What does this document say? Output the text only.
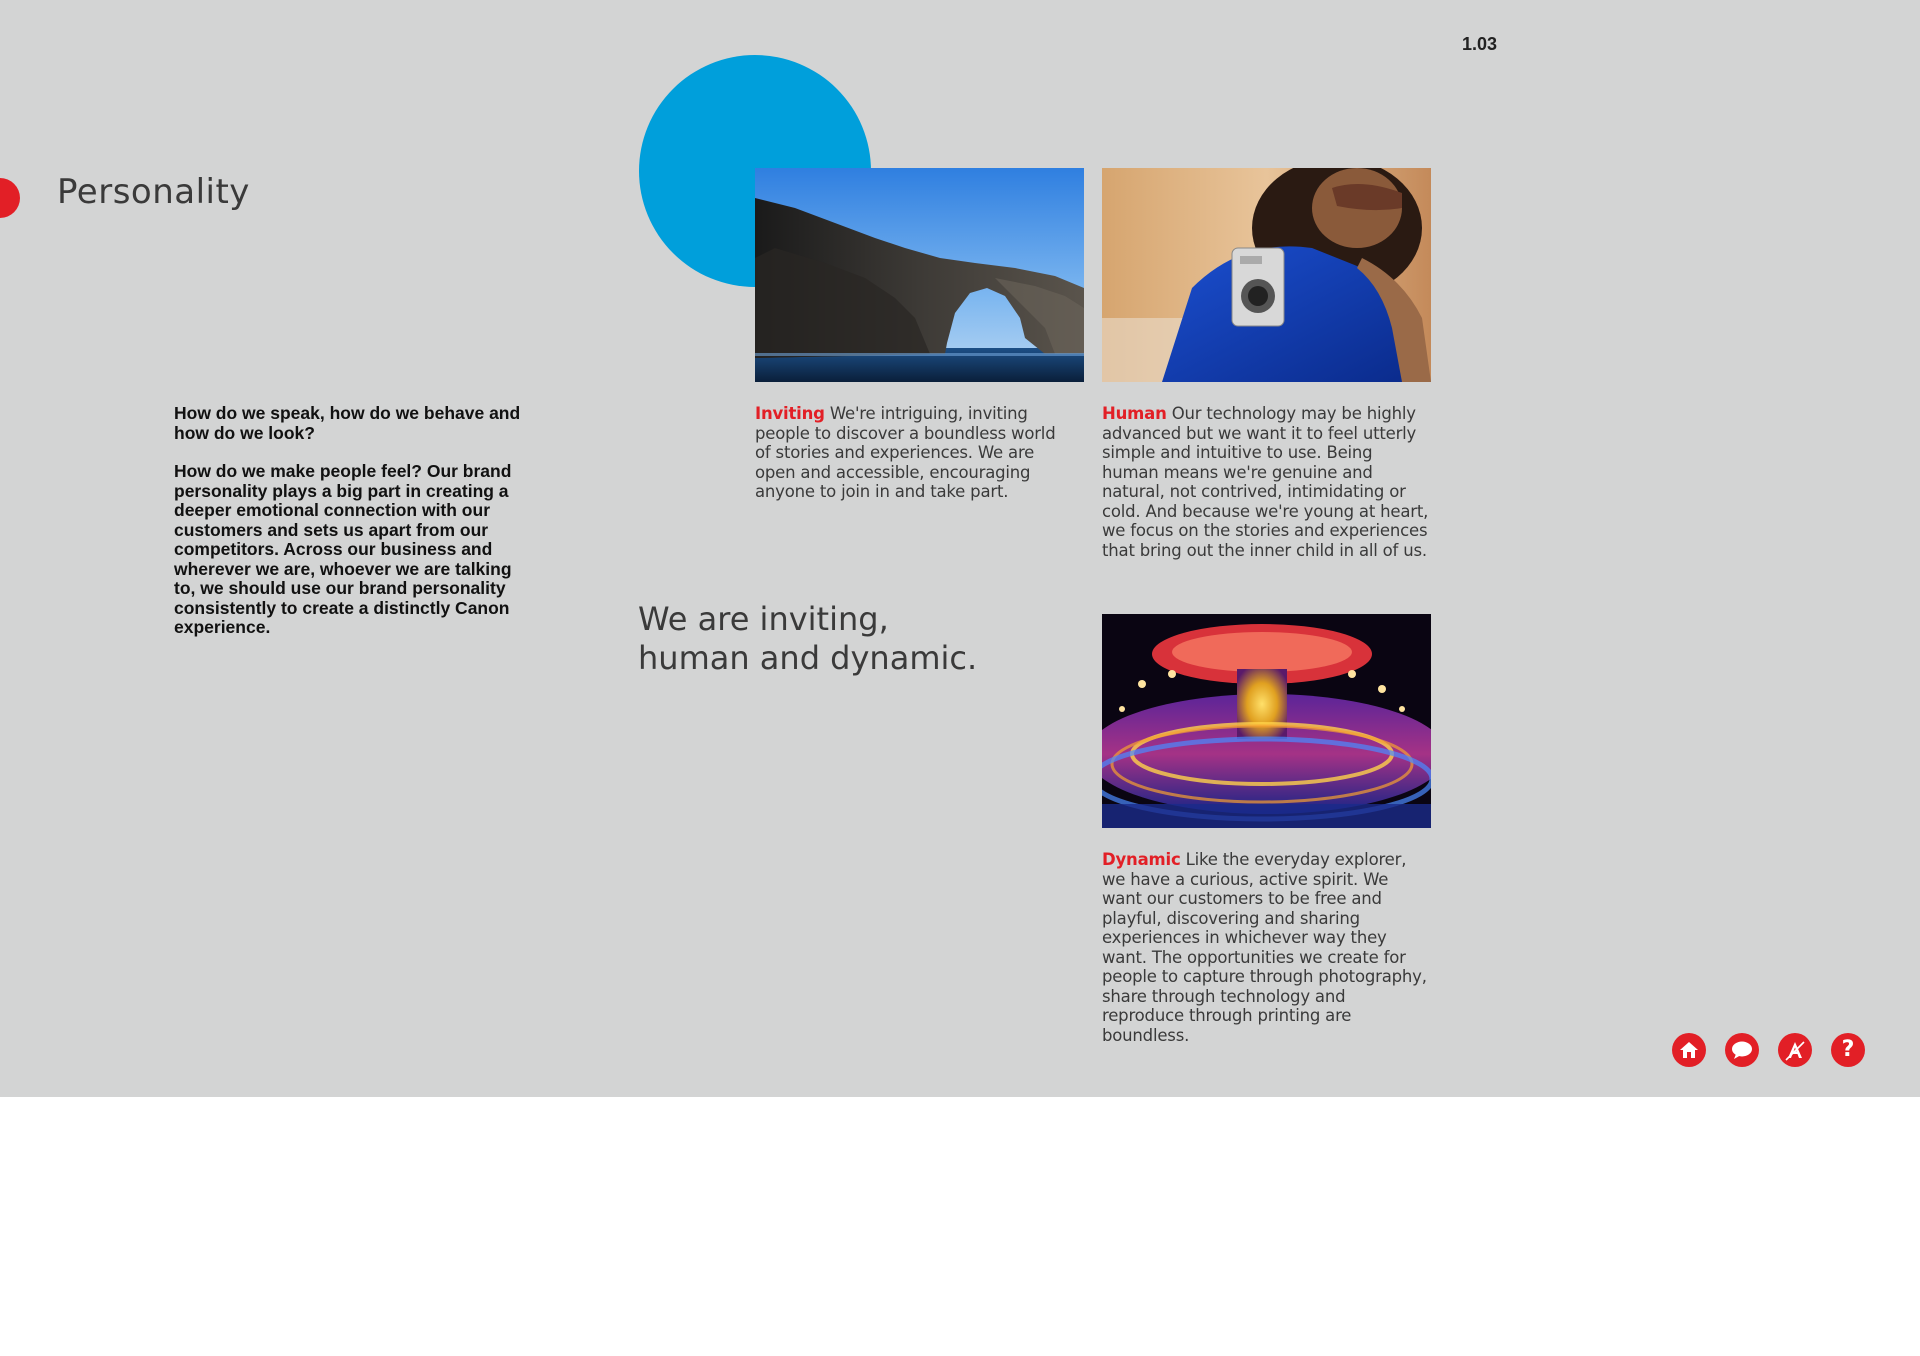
1.03
Personality

How do we speak, how do we behave and how do we look?

How do we make people feel? Our brand personality plays a big part in creating a deeper emotional connection with our customers and sets us apart from our competitors. Across our business and wherever we are, whoever we are talking to, we should use our brand personality consistently to create a distinctly Canon experience.

Inviting We're intriguing, inviting people to discover a boundless world of stories and experiences. We are open and accessible, encouraging anyone to join in and take part.

Human Our technology may be highly advanced but we want it to feel utterly simple and intuitive to use. Being human means we're genuine and natural, not contrived, intimidating or cold. And because we're young at heart, we focus on the stories and experiences that bring out the inner child in all of us.

Dynamic Like the everyday explorer, we have a curious, active spirit. We want our customers to be free and playful, discovering and sharing experiences in whichever way they want. The opportunities we create for people to capture through photography, share through technology and reproduce through printing are boundless.

We are inviting,
human and dynamic.
?
